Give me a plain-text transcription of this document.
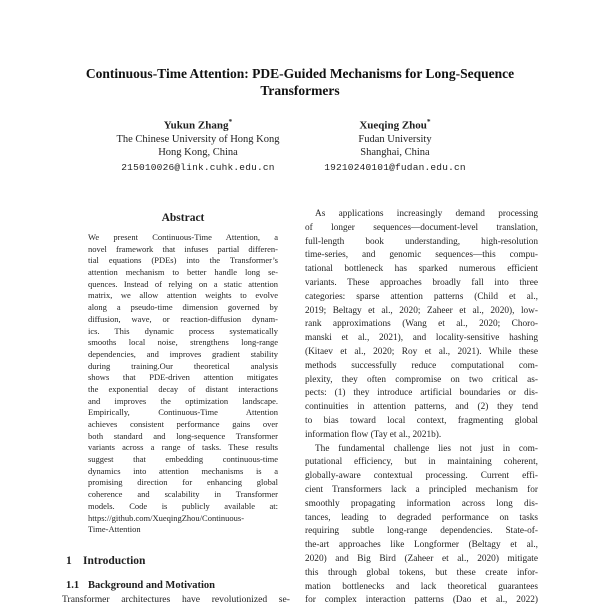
Continuous-Time Attention: PDE-Guided Mechanisms for Long-Sequence
Transformers
Yukun Zhang*
The Chinese University of Hong Kong
Hong Kong, China
215010026@link.cuhk.edu.cn
Xueqing Zhou*
Fudan University
Shanghai, China
19210240101@fudan.edu.cn
Abstract
We present Continuous-Time Attention, a
novel framework that infuses partial differen-
tial equations (PDEs) into the Transformer’s
attention mechanism to better handle long se-
quences. Instead of relying on a static attention
matrix, we allow attention weights to evolve
along a pseudo-time dimension governed by
diffusion, wave, or reaction-diffusion dynam-
ics. This dynamic process systematically
smooths local noise, strengthens long-range
dependencies, and improves gradient stability
during training.Our theoretical analysis
shows that PDE-driven attention mitigates
the exponential decay of distant interactions
and improves the optimization landscape.
Empirically, Continuous-Time Attention
achieves consistent performance gains over
both standard and long-sequence Transformer
variants across a range of tasks. These results
suggest that embedding continuous-time
dynamics into attention mechanisms is a
promising direction for enhancing global
coherence and scalability in Transformer
models. Code is publicly available at:
https://github.com/XueqingZhou/Continuous-
Time-Attention
1 Introduction
1.1 Background and Motivation
Transformer architectures have revolutionized se-
As applications increasingly demand processing
of longer sequences—document-level translation,
full-length book understanding, high-resolution
time-series, and genomic sequences—this compu-
tational bottleneck has sparked numerous efficient
variants. These approaches broadly fall into three
categories: sparse attention patterns (Child et al.,
2019; Beltagy et al., 2020; Zaheer et al., 2020), low-
rank approximations (Wang et al., 2020; Choro-
manski et al., 2021), and locality-sensitive hashing
(Kitaev et al., 2020; Roy et al., 2021). While these
methods successfully reduce computational com-
plexity, they often compromise on two critical as-
pects: (1) they introduce artificial boundaries or dis-
continuities in attention patterns, and (2) they tend
to bias toward local context, fragmenting global
information flow (Tay et al., 2021b).
The fundamental challenge lies not just in com-
putational efficiency, but in maintaining coherent,
globally-aware contextual processing. Current effi-
cient Transformers lack a principled mechanism for
smoothly propagating information across long dis-
tances, leading to degraded performance on tasks
requiring subtle long-range dependencies. State-of-
the-art approaches like Longformer (Beltagy et al.,
2020) and Big Bird (Zaheer et al., 2020) mitigate
this through global tokens, but these create infor-
mation bottlenecks and lack theoretical guarantees
for complex interaction patterns (Dao et al., 2022)
